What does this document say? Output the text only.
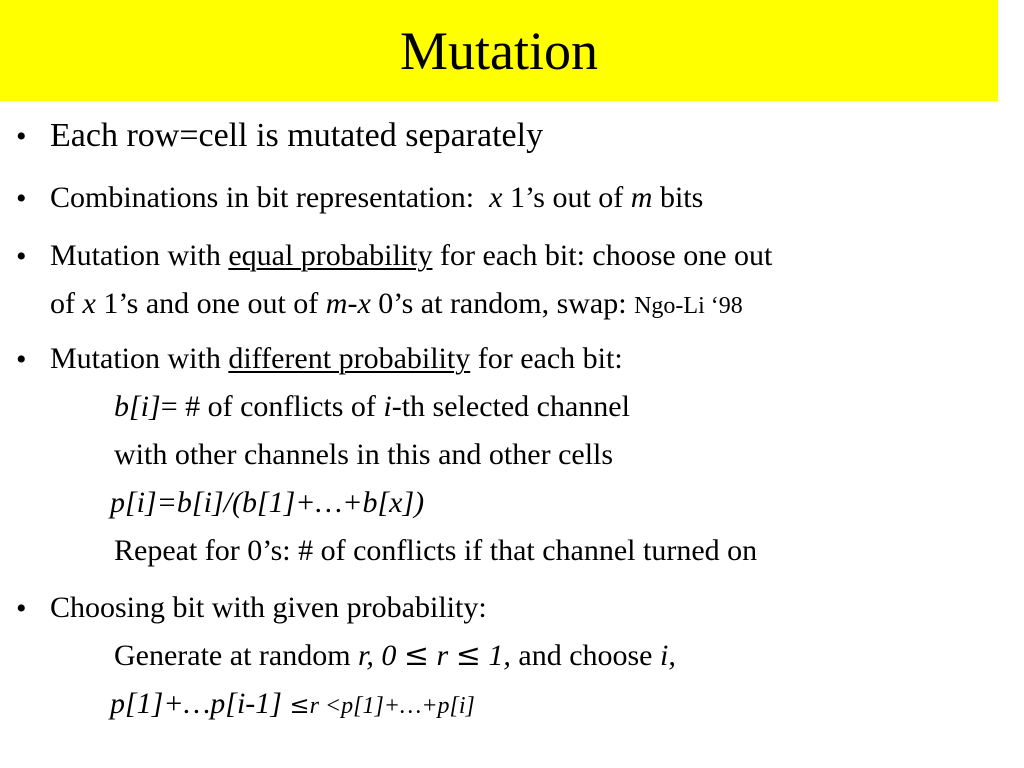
Mutation
• Each row=cell is mutated separately
• Combinations in bit representation:  x 1’s out of m bits
• Mutation with equal probability for each bit: choose one out
of x 1’s and one out of m-x 0’s at random, swap: Ngo-Li ‘98
• Mutation with different probability for each bit:
b[i]= # of conflicts of i-th selected channel
with other channels in this and other cells
p[i]=b[i]/(b[1]+…+b[x])
Repeat for 0’s: # of conflicts if that channel turned on
• Choosing bit with given probability:
Generate at random r, 0 ≤ r ≤ 1, and choose i,
p[1]+…p[i-1] ≤r <p[1]+…+p[i]
